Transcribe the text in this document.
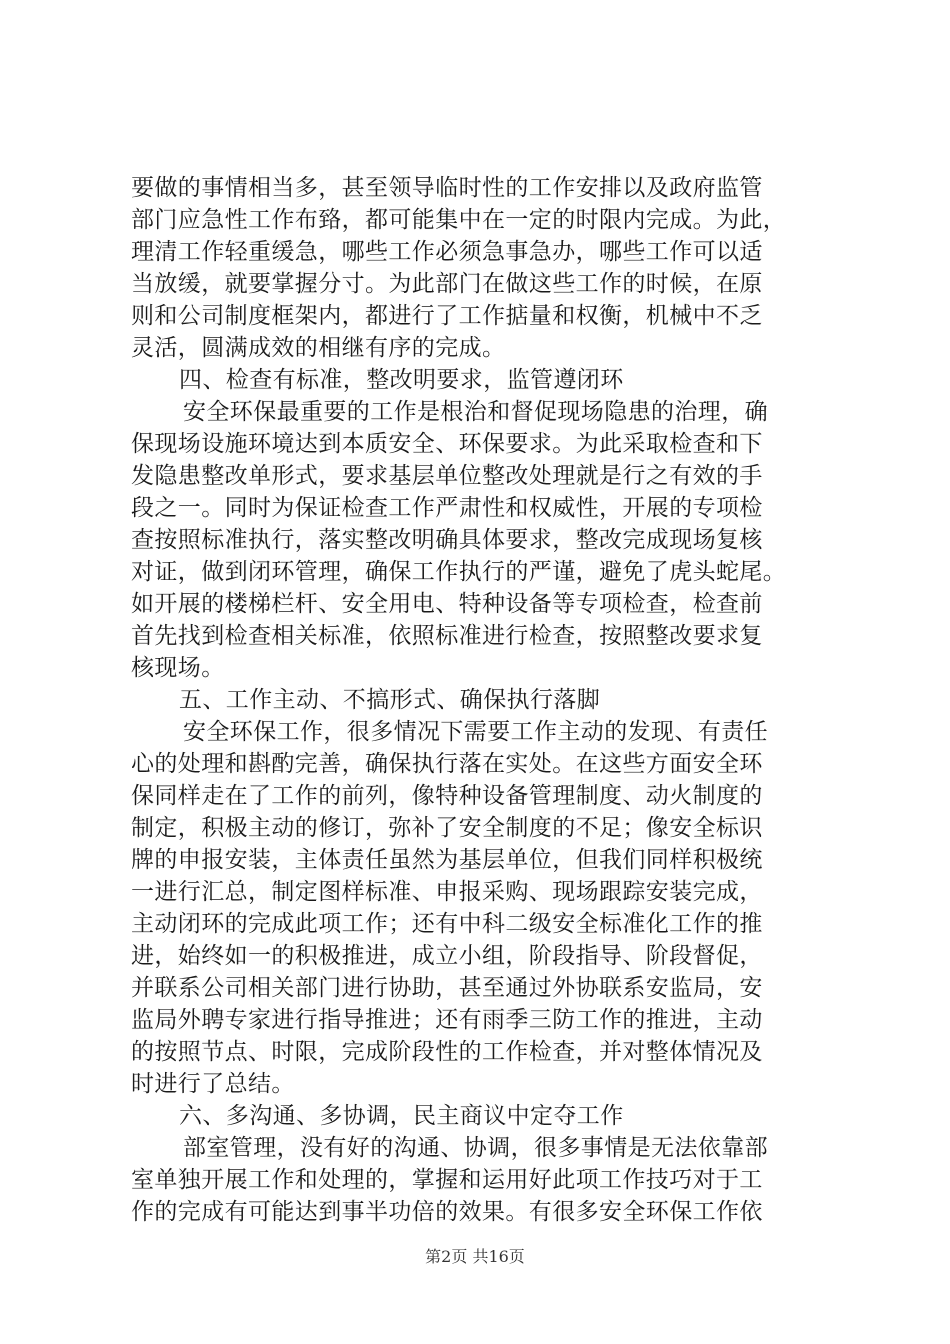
要做的事情相当多，甚至领导临时性的工作安排以及政府监管
部门应急性工作布臵，都可能集中在一定的时限内完成。为此，
理清工作轻重缓急，哪些工作必须急事急办，哪些工作可以适
当放缓，就要掌握分寸。为此部门在做这些工作的时候，在原
则和公司制度框架内，都进行了工作掂量和权衡，机械中不乏
灵活，圆满成效的相继有序的完成。
四、检查有标准，整改明要求，监管遵闭环
安全环保最重要的工作是根治和督促现场隐患的治理，确
保现场设施环境达到本质安全、环保要求。为此采取检查和下
发隐患整改单形式，要求基层单位整改处理就是行之有效的手
段之一。同时为保证检查工作严肃性和权威性，开展的专项检
查按照标准执行，落实整改明确具体要求，整改完成现场复核
对证，做到闭环管理，确保工作执行的严谨，避免了虎头蛇尾。
如开展的楼梯栏杆、安全用电、特种设备等专项检查，检查前
首先找到检查相关标准，依照标准进行检查，按照整改要求复
核现场。
五、工作主动、不搞形式、确保执行落脚
安全环保工作，很多情况下需要工作主动的发现、有责任
心的处理和斟酌完善，确保执行落在实处。在这些方面安全环
保同样走在了工作的前列，像特种设备管理制度、动火制度的
制定，积极主动的修订，弥补了安全制度的不足；像安全标识
牌的申报安装，主体责任虽然为基层单位，但我们同样积极统
一进行汇总，制定图样标准、申报采购、现场跟踪安装完成，
主动闭环的完成此项工作；还有中科二级安全标准化工作的推
进，始终如一的积极推进，成立小组，阶段指导、阶段督促，
并联系公司相关部门进行协助，甚至通过外协联系安监局，安
监局外聘专家进行指导推进；还有雨季三防工作的推进，主动
的按照节点、时限，完成阶段性的工作检查，并对整体情况及
时进行了总结。
六、多沟通、多协调，民主商议中定夺工作
部室管理，没有好的沟通、协调，很多事情是无法依靠部
室单独开展工作和处理的，掌握和运用好此项工作技巧对于工
作的完成有可能达到事半功倍的效果。有很多安全环保工作依
第2页 共16页
